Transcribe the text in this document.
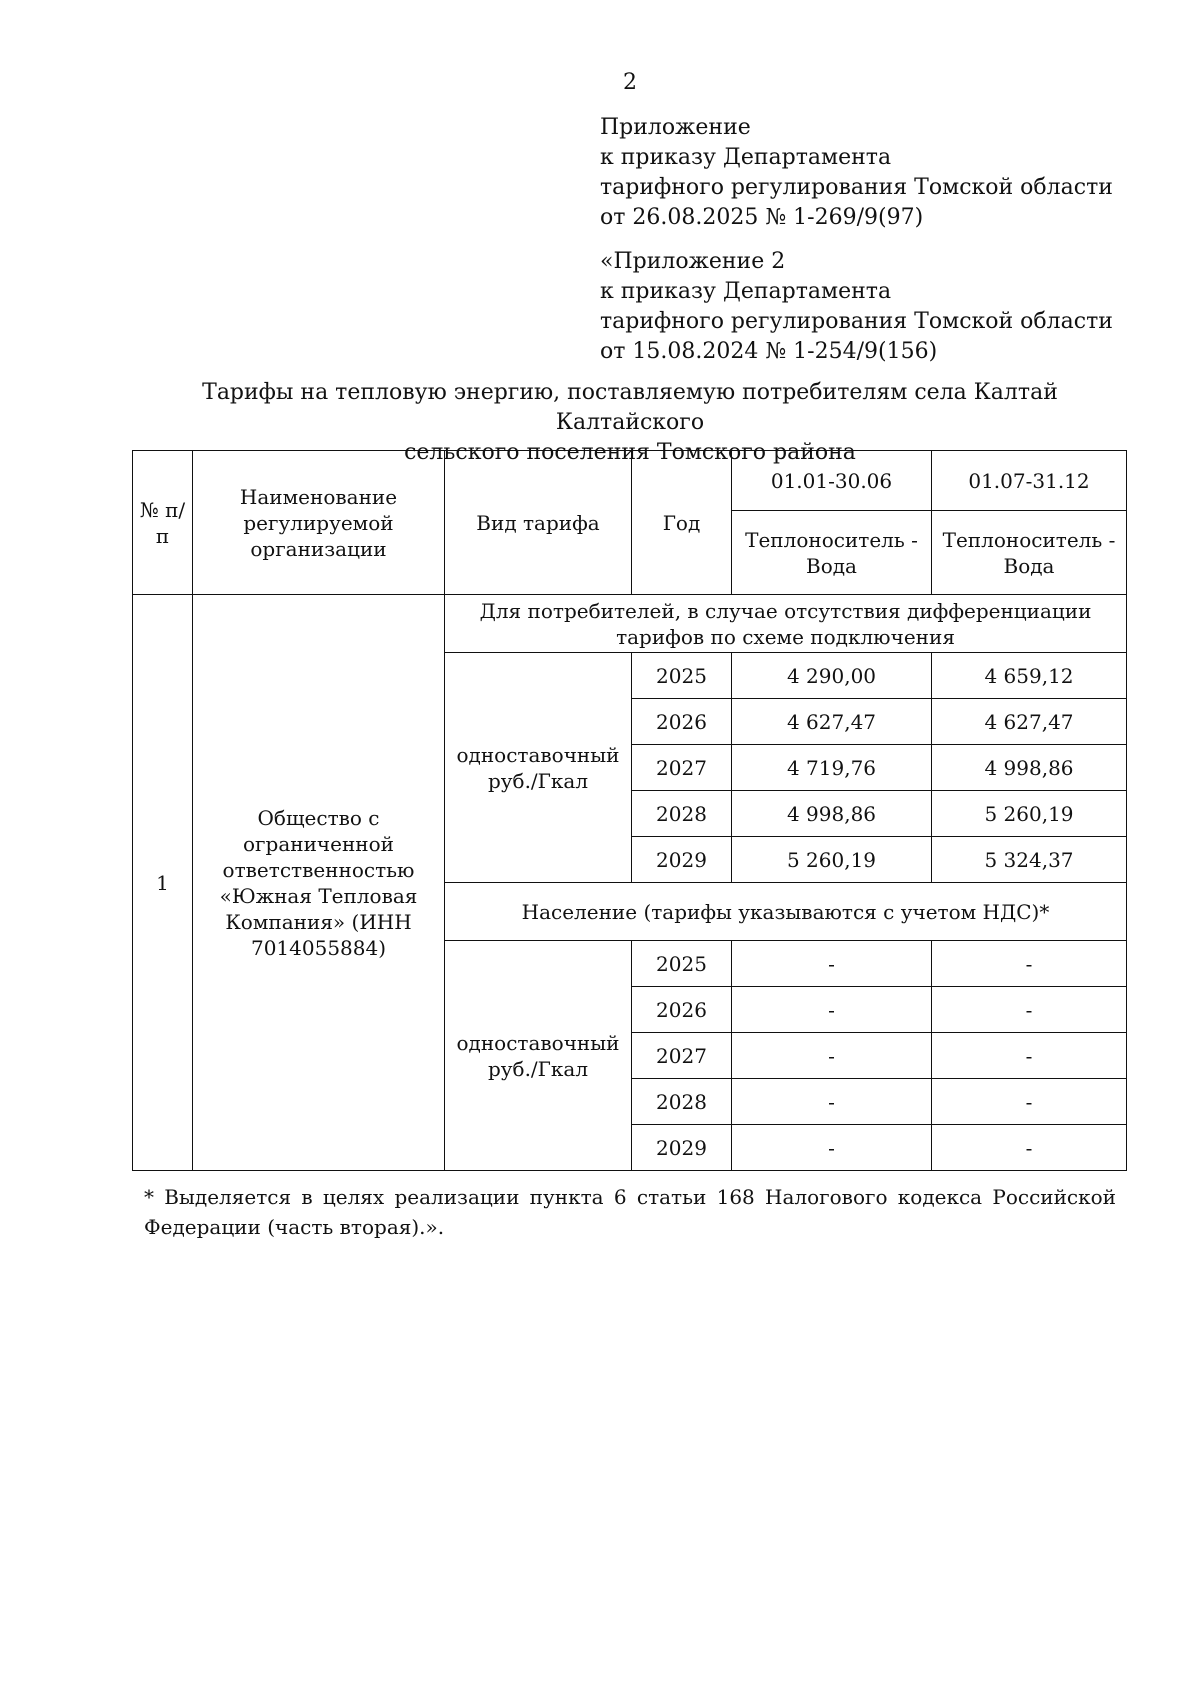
2
Приложение
к приказу Департамента
тарифного регулирования Томской области
от 26.08.2025 № 1-269/9(97)
«Приложение 2
к приказу Департамента
тарифного регулирования Томской области
от 15.08.2024 № 1-254/9(156)
Тарифы на тепловую энергию, поставляемую потребителям села Калтай Калтайского
сельского поселения Томского района
№ п/п	Наименование регулируемой организации	Вид тарифа	Год	01.01-30.06	01.07-31.12
				Теплоноситель - Вода	Теплоноситель - Вода
1	Общество с ограниченной ответственностью «Южная Тепловая Компания» (ИНН 7014055884)	Для потребителей, в случае отсутствия дифференциации тарифов по схеме подключения			
		одноставочный руб./Гкал	2025	4 290,00	4 659,12
			2026	4 627,47	4 627,47
			2027	4 719,76	4 998,86
			2028	4 998,86	5 260,19
			2029	5 260,19	5 324,37
		Население (тарифы указываются с учетом НДС)*			
		одноставочный руб./Гкал	2025	-	-
			2026	-	-
			2027	-	-
			2028	-	-
			2029	-	-
* Выделяется в целях реализации пункта 6 статьи 168 Налогового кодекса Российской Федерации (часть вторая).».
